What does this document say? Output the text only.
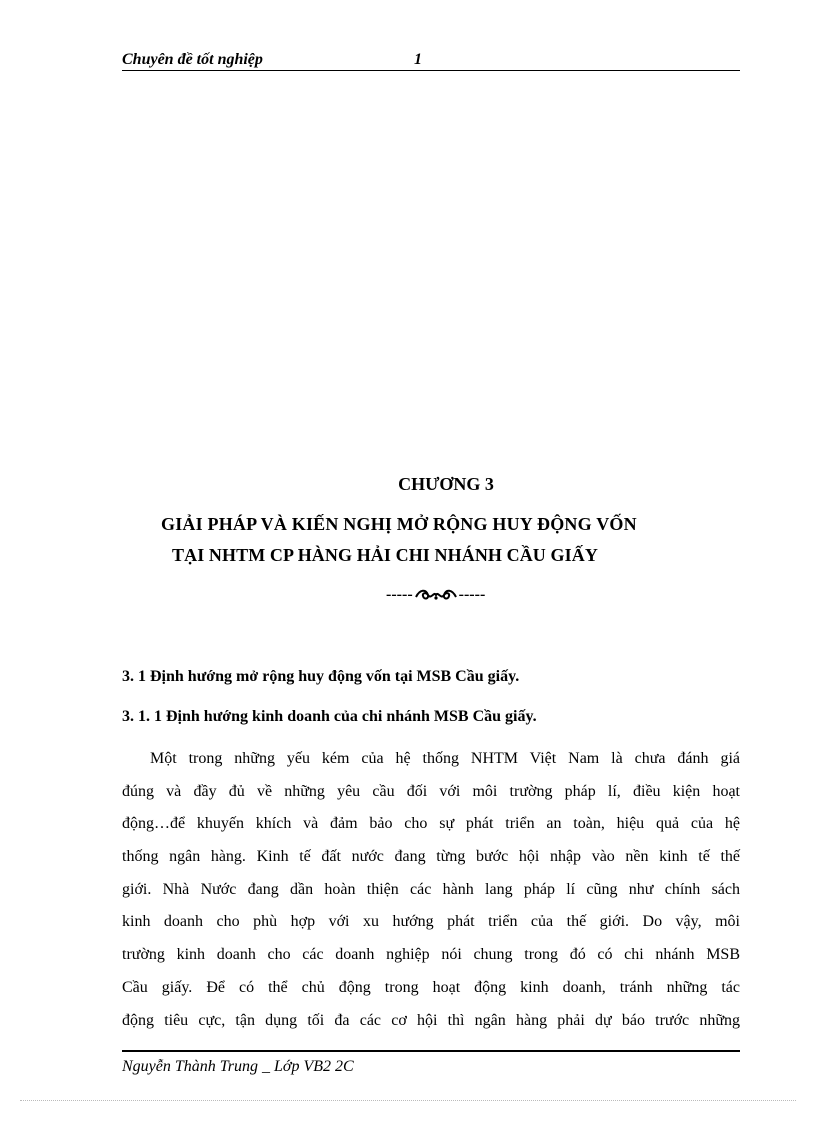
Chuyên đề tốt nghiệp	1
CHƯƠNG 3
GIẢI PHÁP VÀ KIẾN NGHỊ MỞ RỘNG HUY ĐỘNG VỐN
TẠI NHTM CP HÀNG HẢI CHI NHÁNH CẦU GIẤY
-----	-----
3. 1 Định hướng mở rộng huy động vốn tại MSB Cầu giấy.
3. 1. 1 Định hướng kinh doanh của chi nhánh MSB Cầu giấy.
Một trong những yếu kém của hệ thống NHTM Việt Nam là chưa đánh giá
đúng và đầy đủ về những yêu cầu đối với môi trường pháp lí, điều kiện hoạt
động…để khuyến khích và đảm bảo cho sự phát triển an toàn, hiệu quả của hệ
thống ngân hàng. Kinh tế đất nước đang từng bước hội nhập vào nền kinh tế thế
giới. Nhà Nước đang dần hoàn thiện các hành lang pháp lí cũng như chính sách
kinh doanh cho phù hợp với xu hướng phát triển của thế giới. Do vậy, môi
trường kinh doanh cho các doanh nghiệp nói chung trong đó có chi nhánh MSB
Cầu giấy. Để có thể chủ động trong hoạt động kinh doanh, tránh những tác
động tiêu cực, tận dụng tối đa các cơ hội thì ngân hàng phải dự báo trước những
Nguyễn Thành Trung _ Lớp VB2 2C
